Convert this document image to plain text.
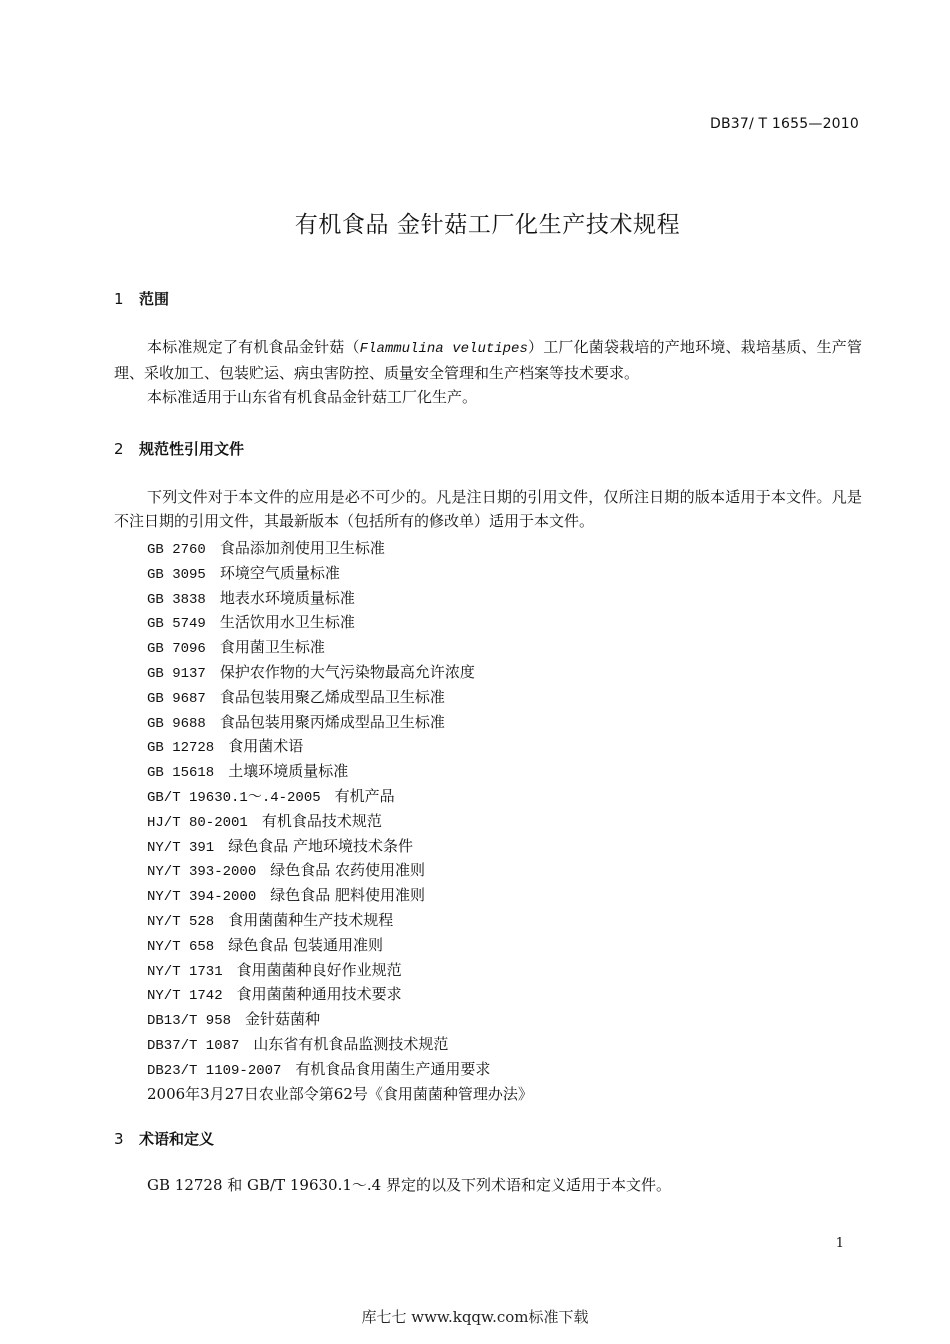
DB37/ T 1655—2010
有机食品 金针菇工厂化生产技术规程
1 范围
本标准规定了有机食品金针菇（Flammulina velutipes）工厂化菌袋栽培的产地环境、栽培基质、生产管理、采收加工、包装贮运、病虫害防控、质量安全管理和生产档案等技术要求。
本标准适用于山东省有机食品金针菇工厂化生产。
2 规范性引用文件
下列文件对于本文件的应用是必不可少的。凡是注日期的引用文件，仅所注日期的版本适用于本文件。凡是不注日期的引用文件，其最新版本（包括所有的修改单）适用于本文件。
GB 2760 食品添加剂使用卫生标准
GB 3095 环境空气质量标准
GB 3838 地表水环境质量标准
GB 5749 生活饮用水卫生标准
GB 7096 食用菌卫生标准
GB 9137 保护农作物的大气污染物最高允许浓度
GB 9687 食品包装用聚乙烯成型品卫生标准
GB 9688 食品包装用聚丙烯成型品卫生标准
GB 12728 食用菌术语
GB 15618 土壤环境质量标准
GB/T 19630.1～.4-2005 有机产品
HJ/T 80-2001 有机食品技术规范
NY/T 391 绿色食品 产地环境技术条件
NY/T 393-2000 绿色食品 农药使用准则
NY/T 394-2000 绿色食品 肥料使用准则
NY/T 528 食用菌菌种生产技术规程
NY/T 658 绿色食品 包装通用准则
NY/T 1731 食用菌菌种良好作业规范
NY/T 1742 食用菌菌种通用技术要求
DB13/T 958 金针菇菌种
DB37/T 1087 山东省有机食品监测技术规范
DB23/T 1109-2007 有机食品食用菌生产通用要求
2006年3月27日农业部令第62号《食用菌菌种管理办法》
3 术语和定义
GB 12728 和 GB/T 19630.1～.4 界定的以及下列术语和定义适用于本文件。
1
库七七 www.kqqw.com标准下载
